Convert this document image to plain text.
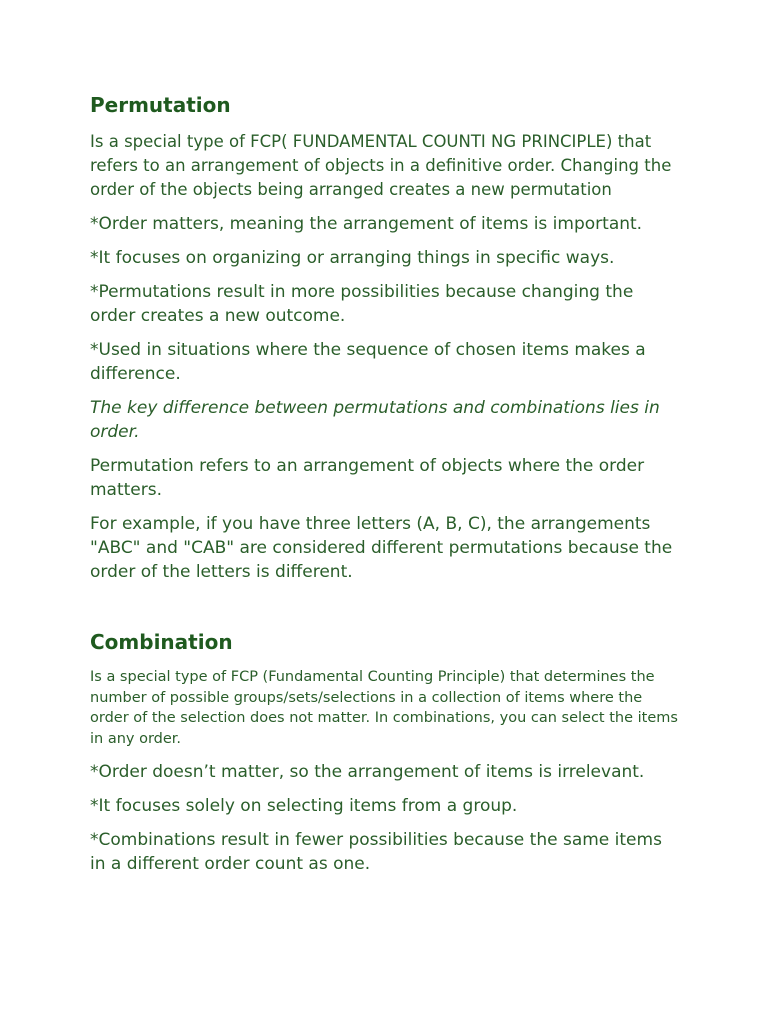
Permutation

Is a special type of FCP( FUNDAMENTAL COUNTI NG PRINCIPLE) that refers to an arrangement of objects in a definitive order. Changing the order of the objects being arranged creates a new permutation

*Order matters, meaning the arrangement of items is important.

*It focuses on organizing or arranging things in specific ways.

*Permutations result in more possibilities because changing the order creates a new outcome.

*Used in situations where the sequence of chosen items makes a difference.

The key difference between permutations and combinations lies in order.

Permutation refers to an arrangement of objects where the order matters.

For example, if you have three letters (A, B, C), the arrangements "ABC" and "CAB" are considered different permutations because the order of the letters is different.

Combination

Is a special type of FCP (Fundamental Counting Principle) that determines the number of possible groups/sets/selections in a collection of items where the order of the selection does not matter. In combinations, you can select the items in any order.

*Order doesn’t matter, so the arrangement of items is irrelevant.

*It focuses solely on selecting items from a group.

*Combinations result in fewer possibilities because the same items in a different order count as one.
